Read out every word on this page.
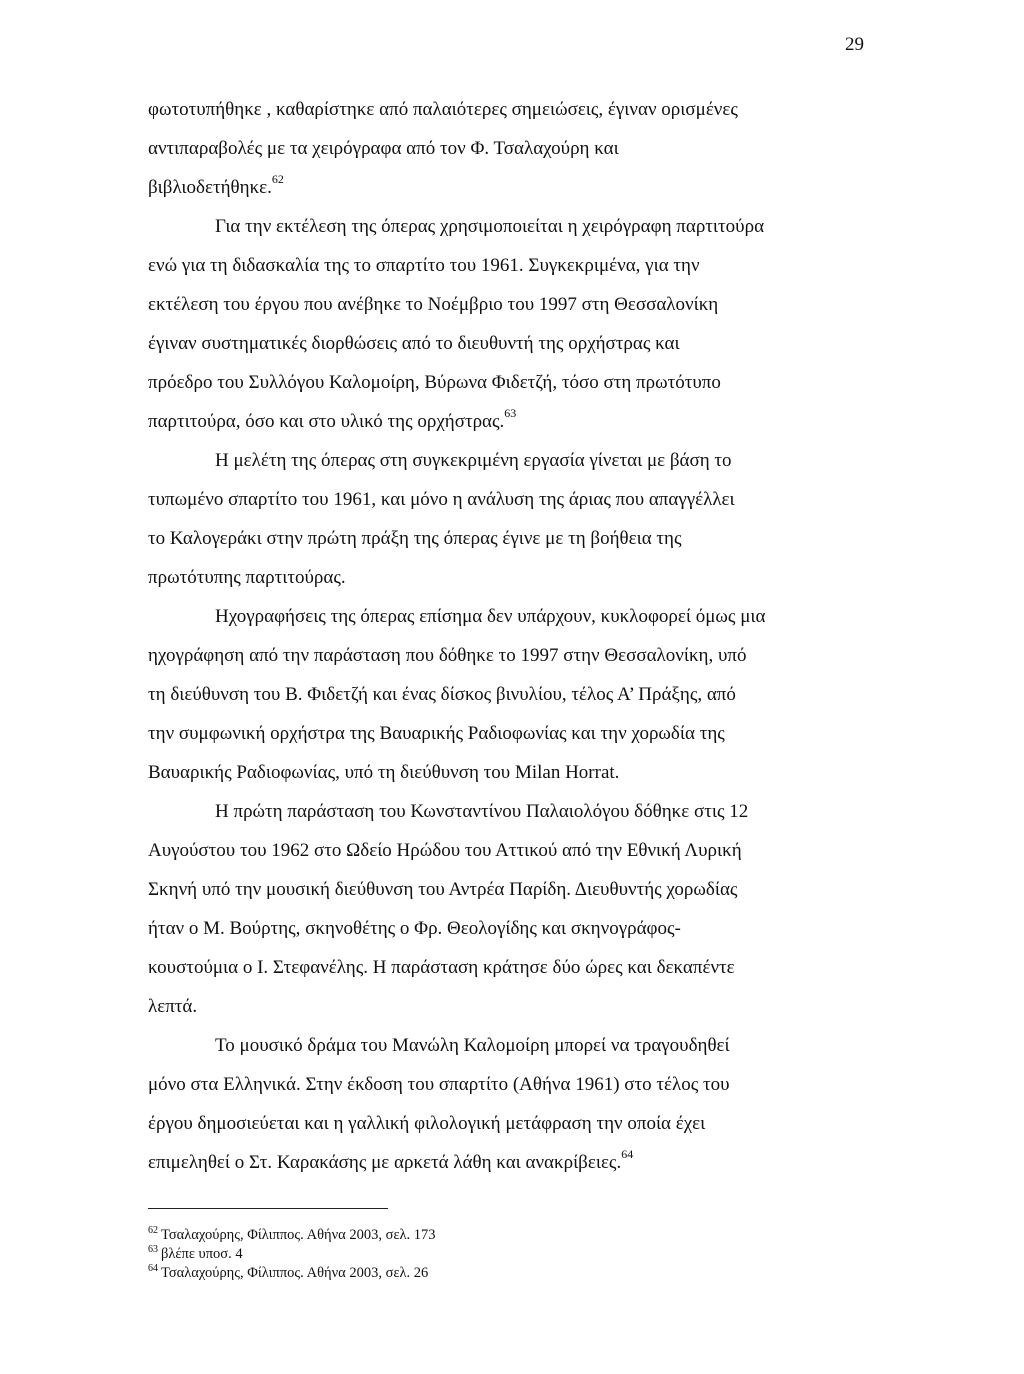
29
φωτοτυπήθηκε , καθαρίστηκε από παλαιότερες σημειώσεις, έγιναν ορισμένες
αντιπαραβολές με τα χειρόγραφα από τον Φ. Τσαλαχούρη και
βιβλιοδετήθηκε.$^{62}$
Για την εκτέλεση της όπερας χρησιμοποιείται η χειρόγραφη παρτιτούρα
ενώ για τη διδασκαλία της το σπαρτίτο του 1961. Συγκεκριμένα, για την
εκτέλεση του έργου που ανέβηκε το Νοέμβριο του 1997 στη Θεσσαλονίκη
έγιναν συστηματικές διορθώσεις από το διευθυντή της ορχήστρας και
πρόεδρο του Συλλόγου Καλομοίρη, Βύρωνα Φιδετζή, τόσο στη πρωτότυπο
παρτιτούρα, όσο και στο υλικό της ορχήστρας.$^{63}$
Η μελέτη της όπερας στη συγκεκριμένη εργασία γίνεται με βάση το
τυπωμένο σπαρτίτο του 1961, και μόνο η ανάλυση της άριας που απαγγέλλει
το Καλογεράκι στην πρώτη πράξη της όπερας έγινε με τη βοήθεια της
πρωτότυπης παρτιτούρας.
Ηχογραφήσεις της όπερας επίσημα δεν υπάρχουν, κυκλοφορεί όμως μια
ηχογράφηση από την παράσταση που δόθηκε το 1997 στην Θεσσαλονίκη, υπό
τη διεύθυνση του Β. Φιδετζή και ένας δίσκος βινυλίου, τέλος Α’ Πράξης, από
την συμφωνική ορχήστρα της Βαυαρικής Ραδιοφωνίας και την χορωδία της
Βαυαρικής Ραδιοφωνίας, υπό τη διεύθυνση του Milan Horrat.
Η πρώτη παράσταση του Κωνσταντίνου Παλαιολόγου δόθηκε στις 12
Αυγούστου του 1962 στο Ωδείο Ηρώδου του Αττικού από την Εθνική Λυρική
Σκηνή υπό την μουσική διεύθυνση του Αντρέα Παρίδη. Διευθυντής χορωδίας
ήταν ο Μ. Βούρτης, σκηνοθέτης ο Φρ. Θεολογίδης και σκηνογράφος-
κουστούμια ο Ι. Στεφανέλης. Η παράσταση κράτησε δύο ώρες και δεκαπέντε
λεπτά.
Το μουσικό δράμα του Μανώλη Καλομοίρη μπορεί να τραγουδηθεί
μόνο στα Ελληνικά. Στην έκδοση του σπαρτίτο (Αθήνα 1961) στο τέλος του
έργου δημοσιεύεται και η γαλλική φιλολογική μετάφραση την οποία έχει
επιμεληθεί ο Στ. Καρακάσης με αρκετά λάθη και ανακρίβειες.$^{64}$
$^{62}$ Τσαλαχούρης, Φίλιππος. Αθήνα 2003, σελ. 173
$^{63}$ βλέπε υποσ. 4
$^{64}$ Τσαλαχούρης, Φίλιππος. Αθήνα 2003, σελ. 26
